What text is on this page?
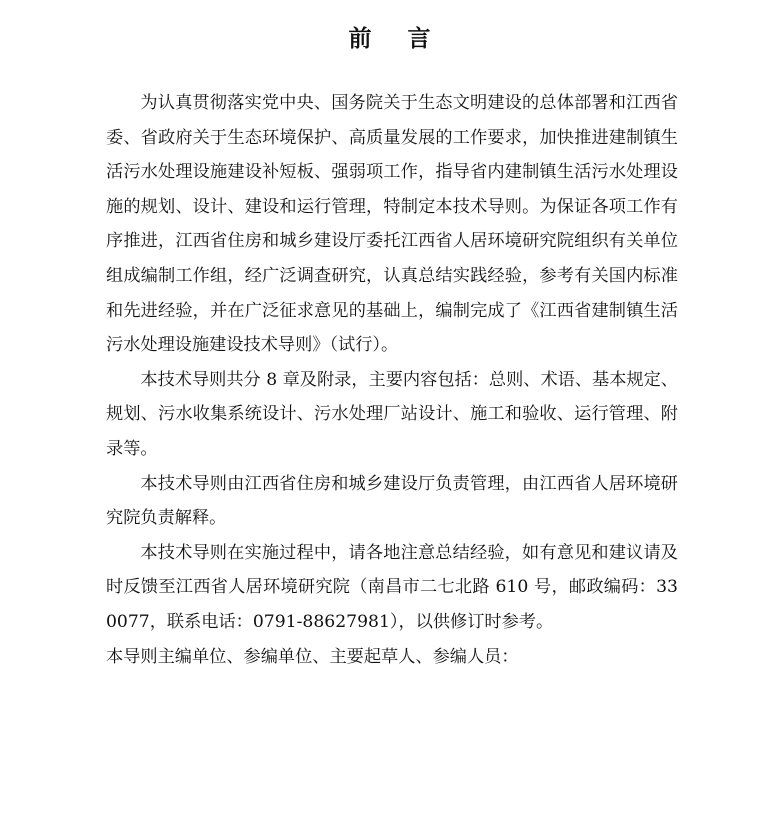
前言

为认真贯彻落实党中央、国务院关于生态文明建设的总体部署和江西省委、省政府关于生态环境保护、高质量发展的工作要求，加快推进建制镇生活污水处理设施建设补短板、强弱项工作，指导省内建制镇生活污水处理设施的规划、设计、建设和运行管理，特制定本技术导则。为保证各项工作有序推进，江西省住房和城乡建设厅委托江西省人居环境研究院组织有关单位组成编制工作组，经广泛调查研究，认真总结实践经验，参考有关国内标准和先进经验，并在广泛征求意见的基础上，编制完成了《江西省建制镇生活污水处理设施建设技术导则》（试行）。

本技术导则共分 8 章及附录，主要内容包括：总则、术语、基本规定、规划、污水收集系统设计、污水处理厂站设计、施工和验收、运行管理、附录等。

本技术导则由江西省住房和城乡建设厅负责管理，由江西省人居环境研究院负责解释。

本技术导则在实施过程中，请各地注意总结经验，如有意见和建议请及时反馈至江西省人居环境研究院（南昌市二七北路 610 号，邮政编码：330077，联系电话：0791-88627981），以供修订时参考。

本导则主编单位、参编单位、主要起草人、参编人员：
